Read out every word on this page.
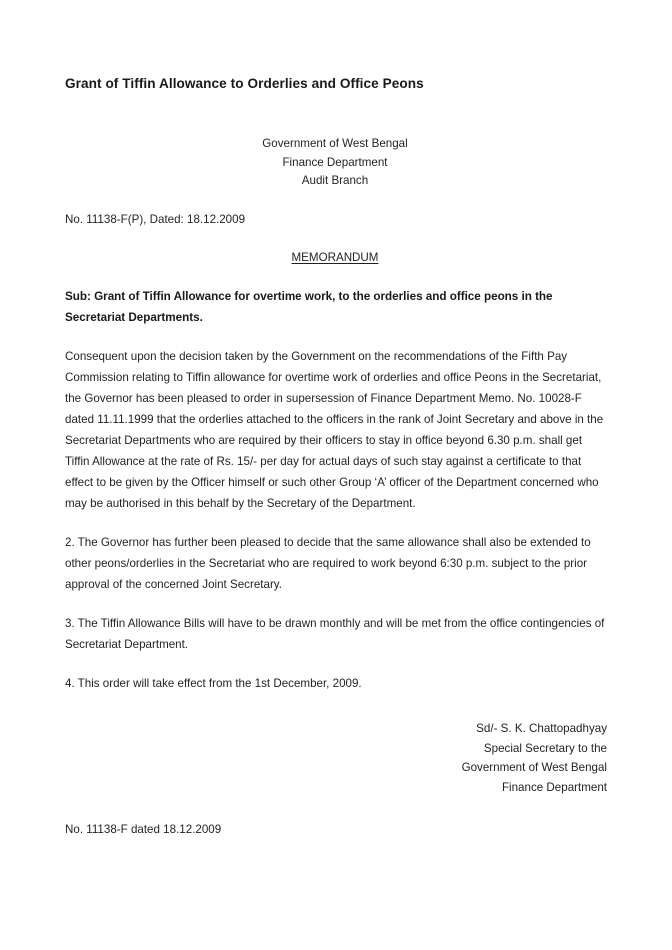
Grant of Tiffin Allowance to Orderlies and Office Peons
Government of West Bengal
Finance Department
Audit Branch
No. 11138-F(P), Dated: 18.12.2009
MEMORANDUM
Sub: Grant of Tiffin Allowance for overtime work, to the orderlies and office peons in the Secretariat Departments.

Consequent upon the decision taken by the Government on the recommendations of the Fifth Pay Commission relating to Tiffin allowance for overtime work of orderlies and office Peons in the Secretariat, the Governor has been pleased to order in supersession of Finance Department Memo. No. 10028-F dated 11.11.1999 that the orderlies attached to the officers in the rank of Joint Secretary and above in the Secretariat Departments who are required by their officers to stay in office beyond 6.30 p.m. shall get Tiffin Allowance at the rate of Rs. 15/- per day for actual days of such stay against a certificate to that effect to be given by the Officer himself or such other Group ‘A’ officer of the Department concerned who may be authorised in this behalf by the Secretary of the Department.

2. The Governor has further been pleased to decide that the same allowance shall also be extended to other peons/orderlies in the Secretariat who are required to work beyond 6:30 p.m. subject to the prior approval of the concerned Joint Secretary.

3. The Tiffin Allowance Bills will have to be drawn monthly and will be met from the office contingencies of Secretariat Department.

4. This order will take effect from the 1st December, 2009.

Sd/- S. K. Chattopadhyay
Special Secretary to the
Government of West Bengal
Finance Department
No. 11138-F dated 18.12.2009
